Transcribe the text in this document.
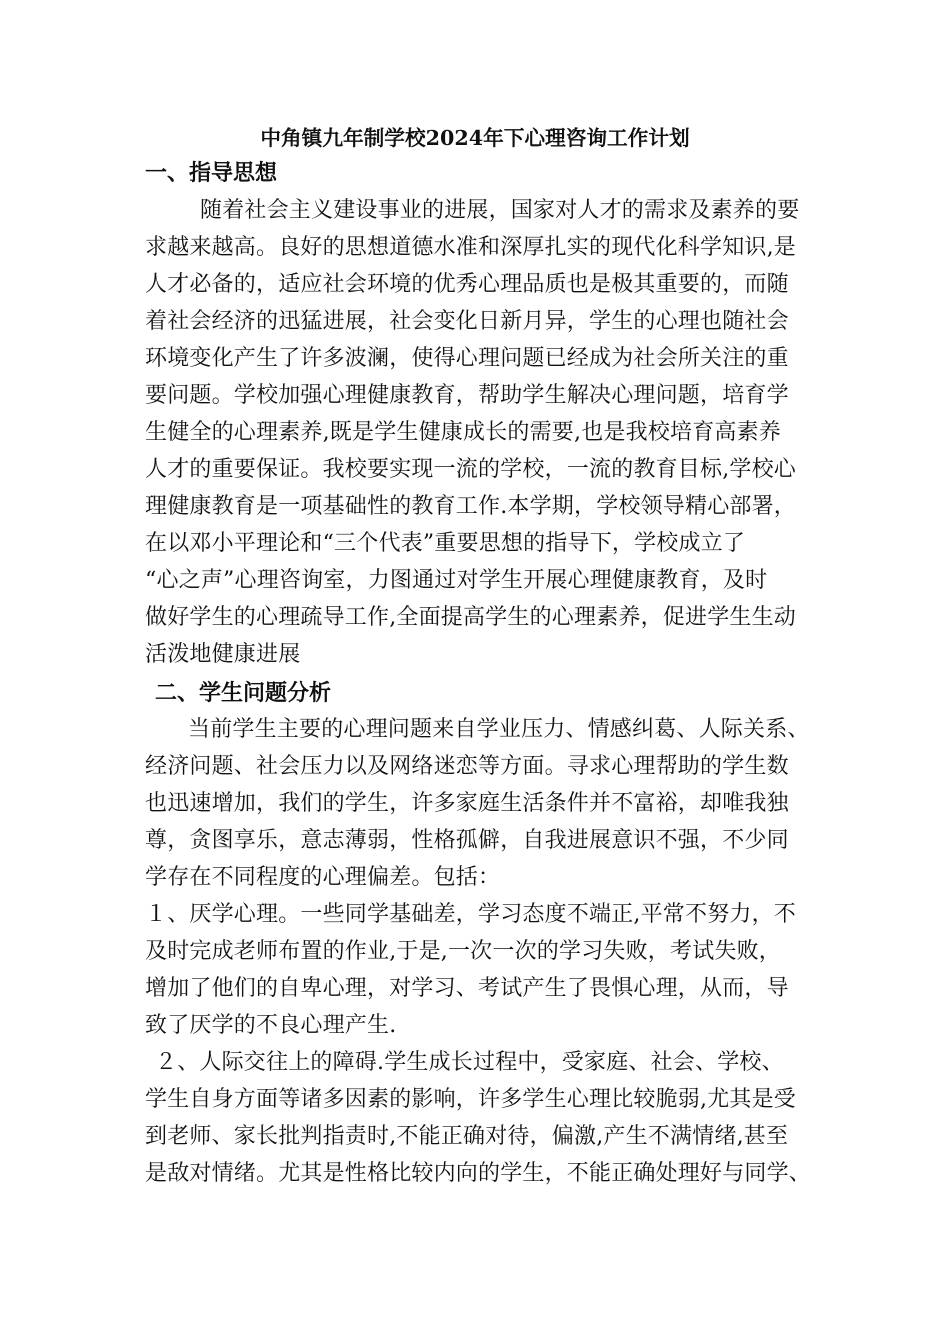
中角镇九年制学校2024年下心理咨询工作计划
一、指导思想
随着社会主义建设事业的进展，国家对人才的需求及素养的要
求越来越高。良好的思想道德水准和深厚扎实的现代化科学知识,是
人才必备的，适应社会环境的优秀心理品质也是极其重要的，而随
着社会经济的迅猛进展，社会变化日新月异，学生的心理也随社会
环境变化产生了许多波澜，使得心理问题已经成为社会所关注的重
要问题。学校加强心理健康教育，帮助学生解决心理问题，培育学
生健全的心理素养,既是学生健康成长的需要,也是我校培育高素养
人才的重要保证。我校要实现一流的学校，一流的教育目标,学校心
理健康教育是一项基础性的教育工作.本学期，学校领导精心部署，
在以邓小平理论和“三个代表”重要思想的指导下，学校成立了
“心之声”心理咨询室，力图通过对学生开展心理健康教育，及时
做好学生的心理疏导工作,全面提高学生的心理素养，促进学生生动
活泼地健康进展
二、学生问题分析
当前学生主要的心理问题来自学业压力、情感纠葛、人际关系、
经济问题、社会压力以及网络迷恋等方面。寻求心理帮助的学生数
也迅速增加，我们的学生，许多家庭生活条件并不富裕，却唯我独
尊，贪图享乐，意志薄弱，性格孤僻，自我进展意识不强，不少同
学存在不同程度的心理偏差。包括：
１、厌学心理。一些同学基础差，学习态度不端正,平常不努力，不
及时完成老师布置的作业,于是,一次一次的学习失败，考试失败，
增加了他们的自卑心理，对学习、考试产生了畏惧心理，从而，导
致了厌学的不良心理产生.
２、人际交往上的障碍.学生成长过程中，受家庭、社会、学校、
学生自身方面等诸多因素的影响，许多学生心理比较脆弱,尤其是受
到老师、家长批判指责时,不能正确对待，偏激,产生不满情绪,甚至
是敌对情绪。尤其是性格比较内向的学生，不能正确处理好与同学、
